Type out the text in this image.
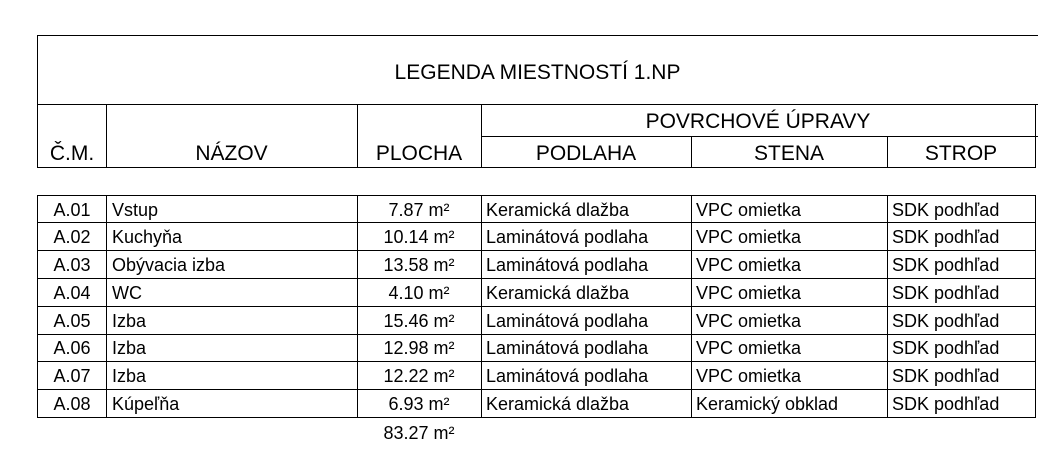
LEGENDA MIESTNOSTÍ 1.NP
Č.M.	NÁZOV	PLOCHA
POVRCHOVÉ ÚPRAVY
PODLAHA	STENA	STROP
A.01	Vstup	7.87 m²	Keramická dlažba	VPC omietka	SDK podhľad
A.02	Kuchyňa	10.14 m²	Laminátová podlaha	VPC omietka	SDK podhľad
A.03	Obývacia izba	13.58 m²	Laminátová podlaha	VPC omietka	SDK podhľad
A.04	WC	4.10 m²	Keramická dlažba	VPC omietka	SDK podhľad
A.05	Izba	15.46 m²	Laminátová podlaha	VPC omietka	SDK podhľad
A.06	Izba	12.98 m²	Laminátová podlaha	VPC omietka	SDK podhľad
A.07	Izba	12.22 m²	Laminátová podlaha	VPC omietka	SDK podhľad
A.08	Kúpeľňa	6.93 m²	Keramická dlažba	Keramický obklad	SDK podhľad
83.27 m²
